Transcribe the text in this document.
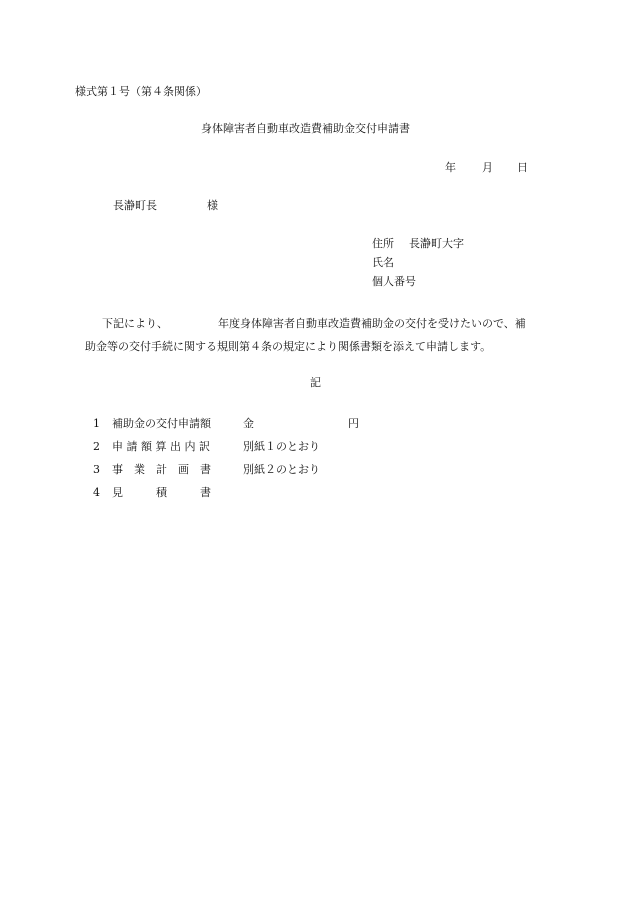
様式第１号（第４条関係）
身体障害者自動車改造費補助金交付申請書
年 月 日
長瀞町長	様
住所 長瀞町大字
氏名
個人番号
下記により、	年度身体障害者自動車改造費補助金の交付を受けたいので、補
助金等の交付手続に関する規則第４条の規定により関係書類を添えて申請します。
記
1 補助金の交付申請額	金	円
2 申 請 額 算 出 内 訳	別紙１のとおり
3 事　業　計　画　書	別紙２のとおり
4 見　　　積　　　書
